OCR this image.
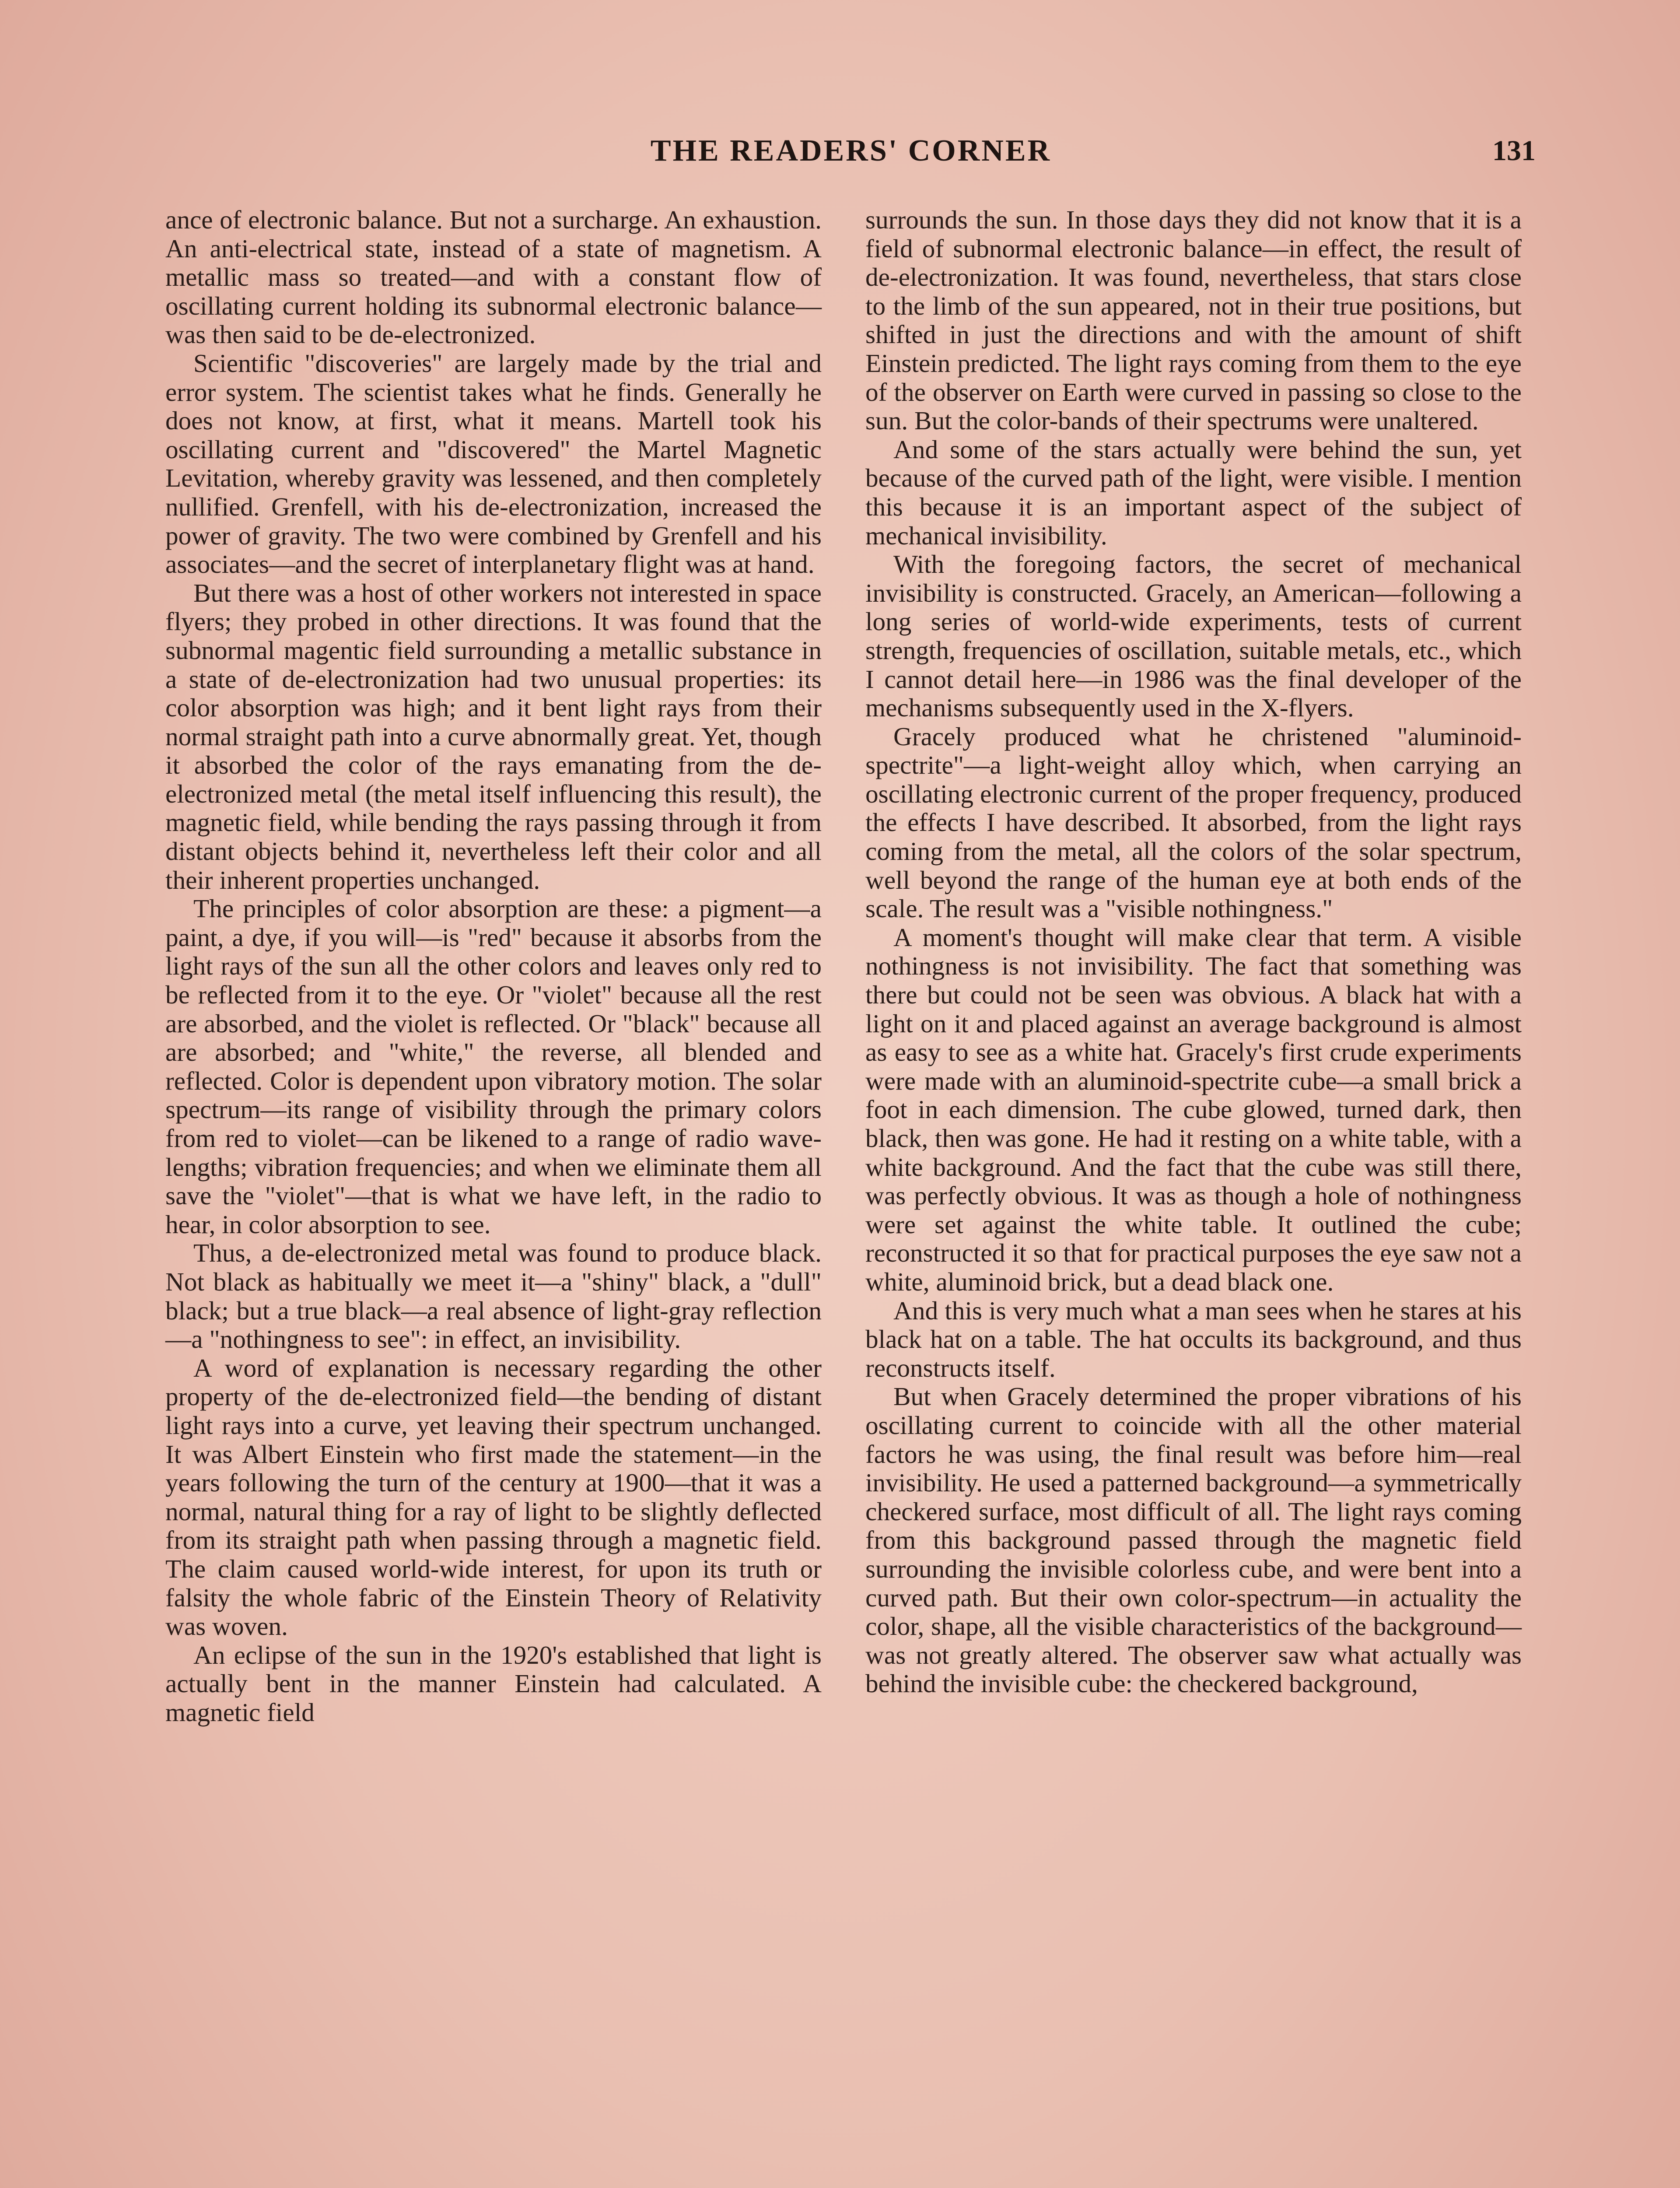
THE READERS' CORNER	131

ance of electronic balance. But not a surcharge. An exhaustion. An anti-electrical state, instead of a state of magnetism. A metallic mass so treated—and with a constant flow of oscillating current holding its subnormal electronic balance—was then said to be de-electronized.

Scientific "discoveries" are largely made by the trial and error system. The scientist takes what he finds. Generally he does not know, at first, what it means. Martell took his oscillating current and "discovered" the Martel Magnetic Levitation, whereby gravity was lessened, and then completely nullified. Grenfell, with his de-electronization, increased the power of gravity. The two were combined by Grenfell and his associates—and the secret of interplanetary flight was at hand.

But there was a host of other workers not interested in space flyers; they probed in other directions. It was found that the subnormal magentic field surrounding a metallic substance in a state of de-electronization had two unusual properties: its color absorption was high; and it bent light rays from their normal straight path into a curve abnormally great. Yet, though it absorbed the color of the rays emanating from the de-electronized metal (the metal itself influencing this result), the magnetic field, while bending the rays passing through it from distant objects behind it, nevertheless left their color and all their inherent properties unchanged.

The principles of color absorption are these: a pigment—a paint, a dye, if you will—is "red" because it absorbs from the light rays of the sun all the other colors and leaves only red to be reflected from it to the eye. Or "violet" because all the rest are absorbed, and the violet is reflected. Or "black" because all are absorbed; and "white," the reverse, all blended and reflected. Color is dependent upon vibratory motion. The solar spectrum—its range of visibility through the primary colors from red to violet—can be likened to a range of radio wave-lengths; vibration frequencies; and when we eliminate them all save the "violet"—that is what we have left, in the radio to hear, in color absorption to see.

Thus, a de-electronized metal was found to produce black. Not black as habitually we meet it—a "shiny" black, a "dull" black; but a true black—a real absence of light-gray reflection—a "nothingness to see": in effect, an invisibility.

A word of explanation is necessary regarding the other property of the de-electronized field—the bending of distant light rays into a curve, yet leaving their spectrum unchanged. It was Albert Einstein who first made the statement—in the years following the turn of the century at 1900—that it was a normal, natural thing for a ray of light to be slightly deflected from its straight path when passing through a magnetic field. The claim caused world-wide interest, for upon its truth or falsity the whole fabric of the Einstein Theory of Relativity was woven.

An eclipse of the sun in the 1920's established that light is actually bent in the manner Einstein had calculated. A magnetic field

surrounds the sun. In those days they did not know that it is a field of subnormal electronic balance—in effect, the result of de-electronization. It was found, nevertheless, that stars close to the limb of the sun appeared, not in their true positions, but shifted in just the directions and with the amount of shift Einstein predicted. The light rays coming from them to the eye of the observer on Earth were curved in passing so close to the sun. But the color-bands of their spectrums were unaltered.

And some of the stars actually were behind the sun, yet because of the curved path of the light, were visible. I mention this because it is an important aspect of the subject of mechanical invisibility.

With the foregoing factors, the secret of mechanical invisibility is constructed. Gracely, an American—following a long series of world-wide experiments, tests of current strength, frequencies of oscillation, suitable metals, etc., which I cannot detail here—in 1986 was the final developer of the mechanisms subsequently used in the X-flyers.

Gracely produced what he christened "aluminoid-spectrite"—a light-weight alloy which, when carrying an oscillating electronic current of the proper frequency, produced the effects I have described. It absorbed, from the light rays coming from the metal, all the colors of the solar spectrum, well beyond the range of the human eye at both ends of the scale. The result was a "visible nothingness."

A moment's thought will make clear that term. A visible nothingness is not invisibility. The fact that something was there but could not be seen was obvious. A black hat with a light on it and placed against an average background is almost as easy to see as a white hat. Gracely's first crude experiments were made with an aluminoid-spectrite cube—a small brick a foot in each dimension. The cube glowed, turned dark, then black, then was gone. He had it resting on a white table, with a white background. And the fact that the cube was still there, was perfectly obvious. It was as though a hole of nothingness were set against the white table. It outlined the cube; reconstructed it so that for practical purposes the eye saw not a white, aluminoid brick, but a dead black one.

And this is very much what a man sees when he stares at his black hat on a table. The hat occults its background, and thus reconstructs itself.

But when Gracely determined the proper vibrations of his oscillating current to coincide with all the other material factors he was using, the final result was before him—real invisibility. He used a patterned background—a symmetrically checkered surface, most difficult of all. The light rays coming from this background passed through the magnetic field surrounding the invisible colorless cube, and were bent into a curved path. But their own color-spectrum—in actuality the color, shape, all the visible characteristics of the background—was not greatly altered. The observer saw what actually was behind the invisible cube: the checkered background,
